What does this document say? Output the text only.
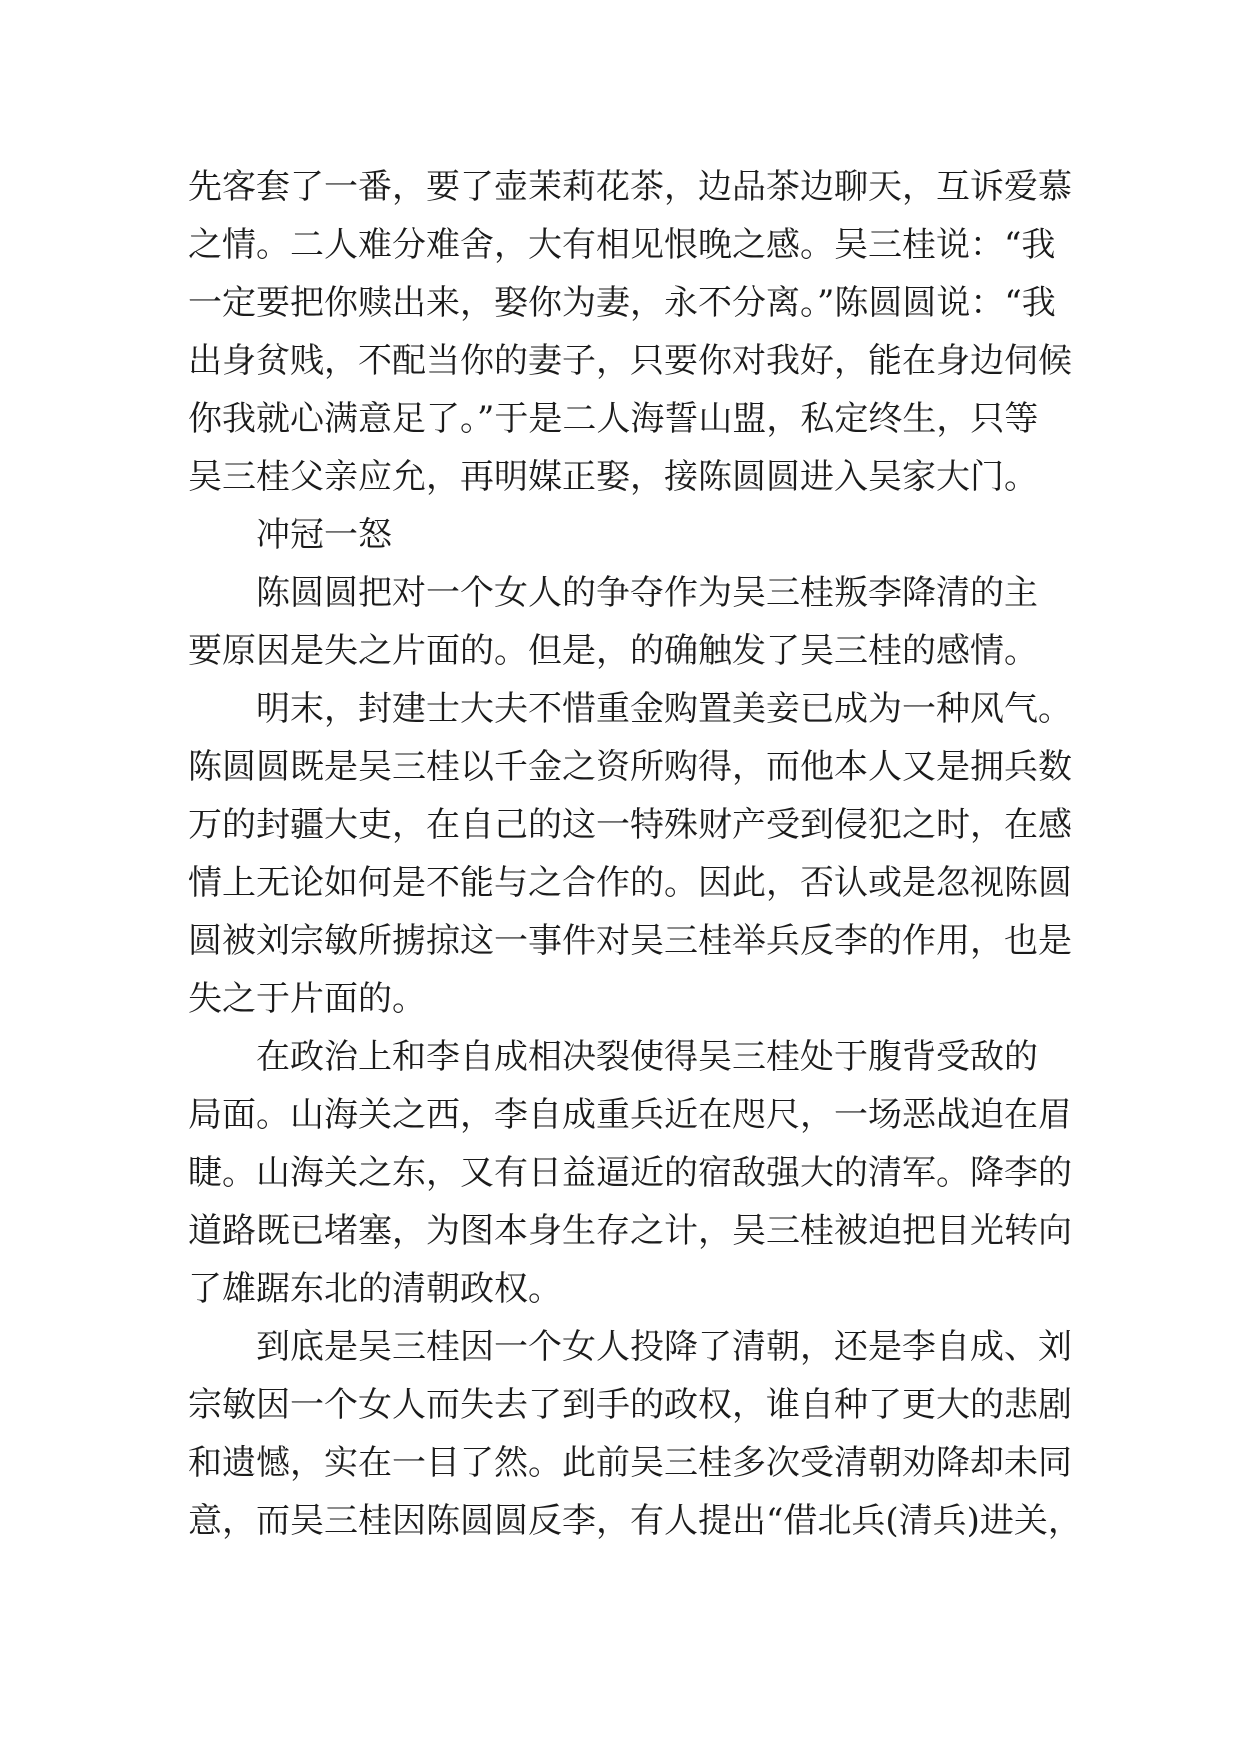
先客套了一番，要了壶茉莉花茶，边品茶边聊天，互诉爱慕

之情。二人难分难舍，大有相见恨晚之感。吴三桂说：“我

一定要把你赎出来，娶你为妻，永不分离。”陈圆圆说：“我

出身贫贱，不配当你的妻子，只要你对我好，能在身边伺候

你我就心满意足了。”于是二人海誓山盟，私定终生，只等

吴三桂父亲应允，再明媒正娶，接陈圆圆进入吴家大门。

冲冠一怒

陈圆圆把对一个女人的争夺作为吴三桂叛李降清的主

要原因是失之片面的。但是，的确触发了吴三桂的感情。

明末，封建士大夫不惜重金购置美妾已成为一种风气。

陈圆圆既是吴三桂以千金之资所购得，而他本人又是拥兵数

万的封疆大吏，在自己的这一特殊财产受到侵犯之时，在感

情上无论如何是不能与之合作的。因此，否认或是忽视陈圆

圆被刘宗敏所掳掠这一事件对吴三桂举兵反李的作用，也是

失之于片面的。

在政治上和李自成相决裂使得吴三桂处于腹背受敌的

局面。山海关之西，李自成重兵近在咫尺，一场恶战迫在眉

睫。山海关之东，又有日益逼近的宿敌强大的清军。降李的

道路既已堵塞，为图本身生存之计，吴三桂被迫把目光转向

了雄踞东北的清朝政权。

到底是吴三桂因一个女人投降了清朝，还是李自成、刘

宗敏因一个女人而失去了到手的政权，谁自种了更大的悲剧

和遗憾，实在一目了然。此前吴三桂多次受清朝劝降却未同

意，而吴三桂因陈圆圆反李，有人提出“借北兵(清兵)进关，
